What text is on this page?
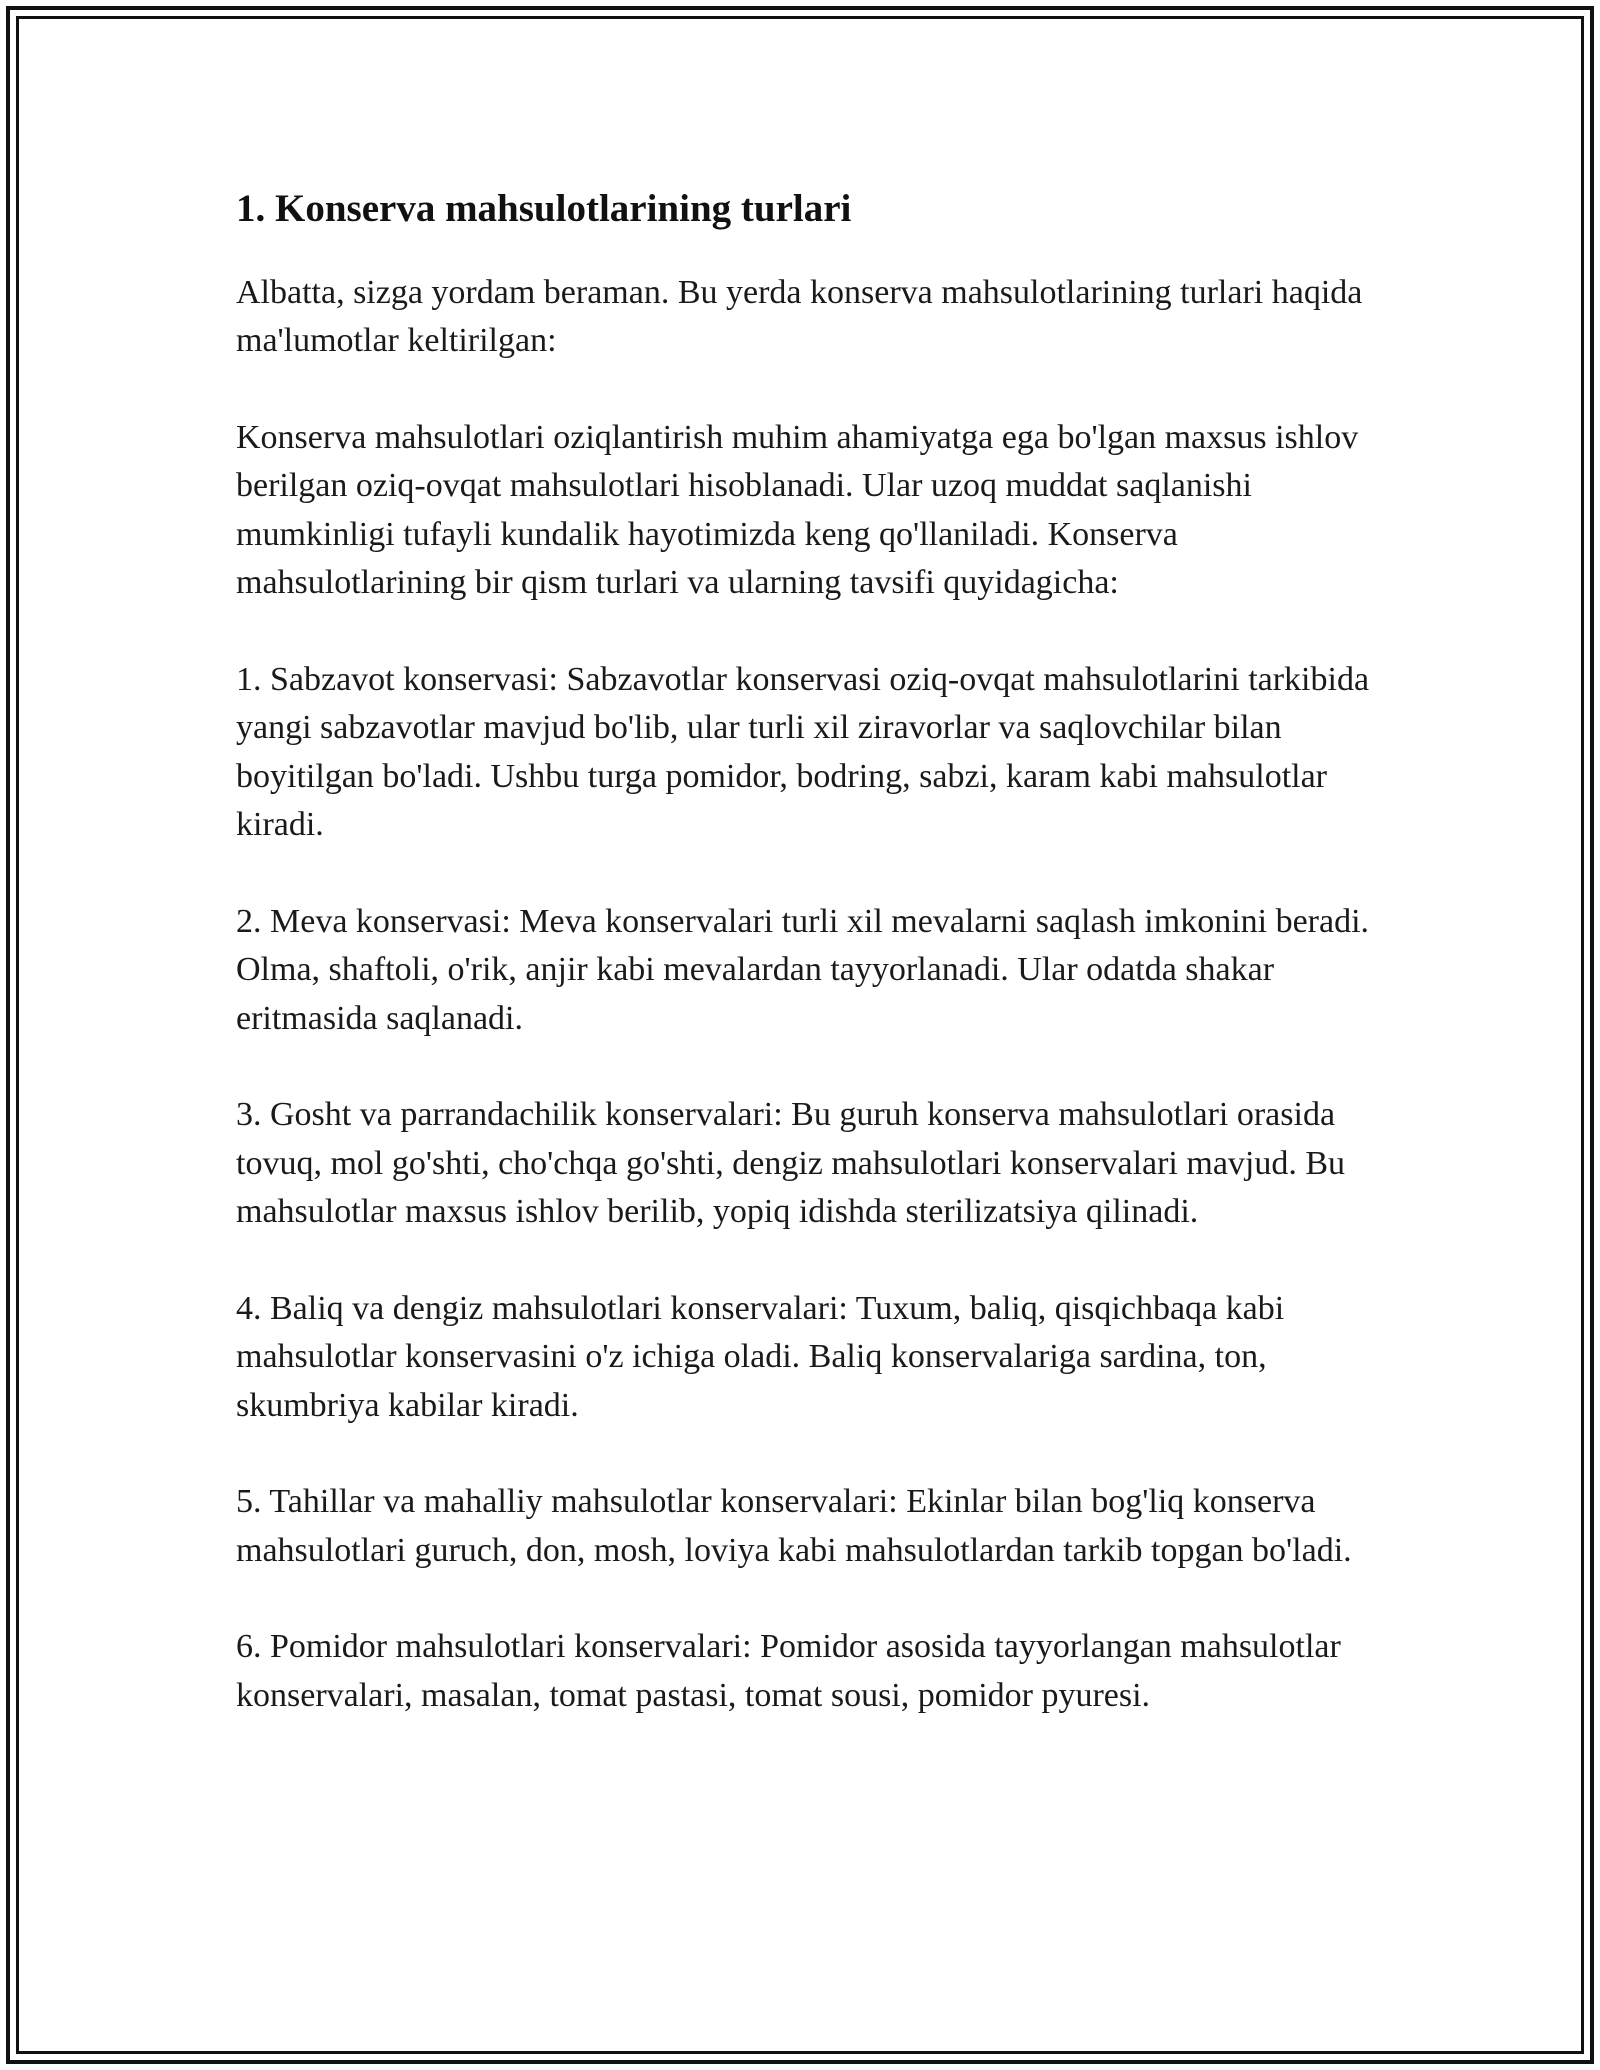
1. Konserva mahsulotlarining turlari

Albatta, sizga yordam beraman. Bu yerda konserva mahsulotlarining turlari haqida ma'lumotlar keltirilgan:

Konserva mahsulotlari oziqlantirish muhim ahamiyatga ega bo'lgan maxsus ishlov berilgan oziq-ovqat mahsulotlari hisoblanadi. Ular uzoq muddat saqlanishi mumkinligi tufayli kundalik hayotimizda keng qo'llaniladi. Konserva mahsulotlarining bir qism turlari va ularning tavsifi quyidagicha:

1. Sabzavot konservasi: Sabzavotlar konservasi oziq-ovqat mahsulotlarini tarkibida yangi sabzavotlar mavjud bo'lib, ular turli xil ziravorlar va saqlovchilar bilan boyitilgan bo'ladi. Ushbu turga pomidor, bodring, sabzi, karam kabi mahsulotlar kiradi.

2. Meva konservasi: Meva konservalari turli xil mevalarni saqlash imkonini beradi. Olma, shaftoli, o'rik, anjir kabi mevalardan tayyorlanadi. Ular odatda shakar eritmasida saqlanadi.

3. Gosht va parrandachilik konservalari: Bu guruh konserva mahsulotlari orasida tovuq, mol go'shti, cho'chqa go'shti, dengiz mahsulotlari konservalari mavjud. Bu mahsulotlar maxsus ishlov berilib, yopiq idishda sterilizatsiya qilinadi.

4. Baliq va dengiz mahsulotlari konservalari: Tuxum, baliq, qisqichbaqa kabi mahsulotlar konservasini o'z ichiga oladi. Baliq konservalariga sardina, ton, skumbriya kabilar kiradi.

5. Tahillar va mahalliy mahsulotlar konservalari: Ekinlar bilan bog'liq konserva mahsulotlari guruch, don, mosh, loviya kabi mahsulotlardan tarkib topgan bo'ladi.

6. Pomidor mahsulotlari konservalari: Pomidor asosida tayyorlangan mahsulotlar konservalari, masalan, tomat pastasi, tomat sousi, pomidor pyuresi.
